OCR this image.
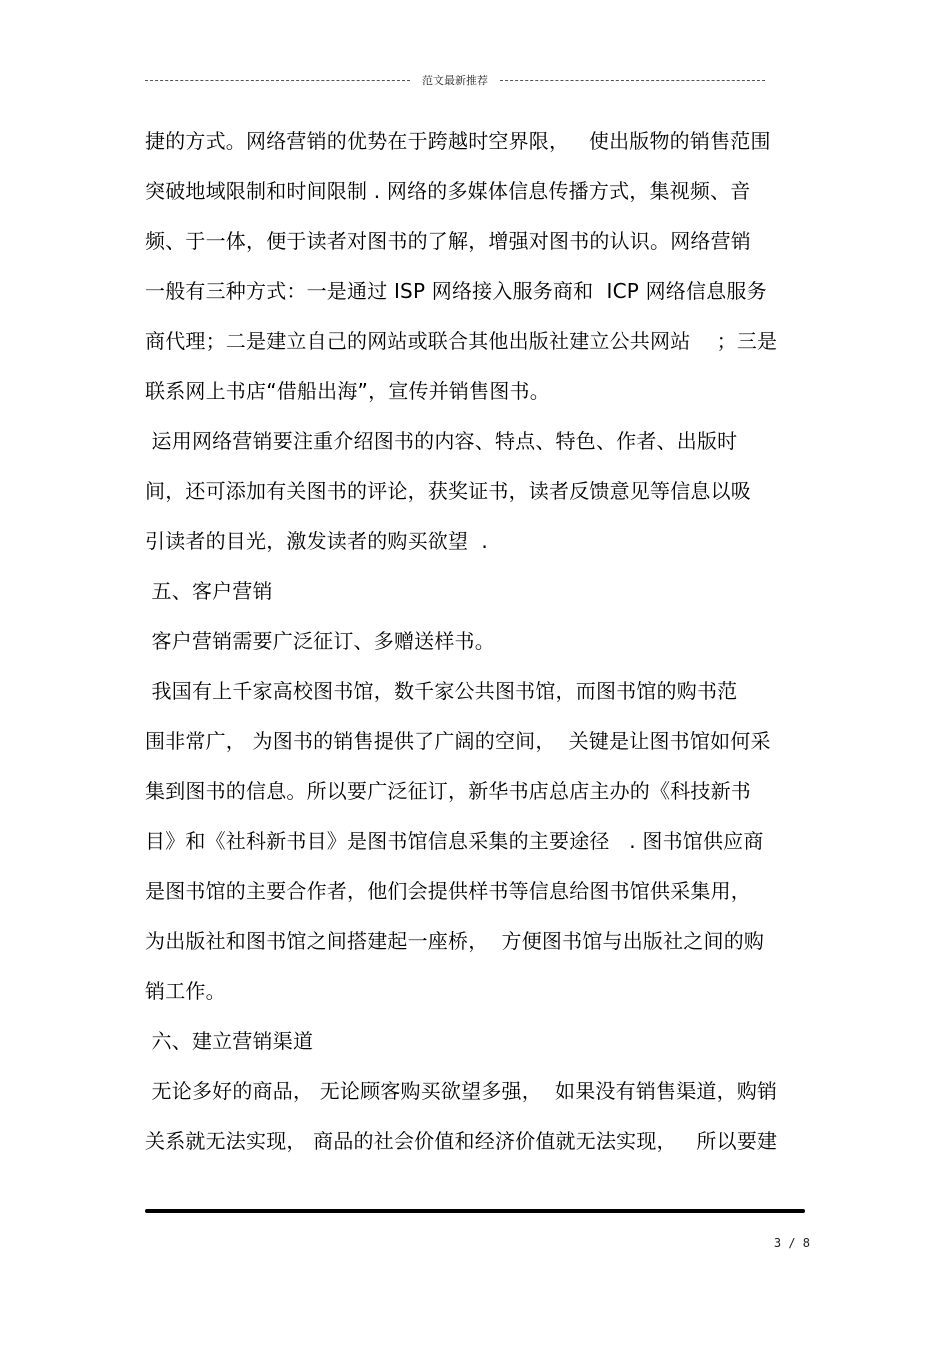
范文最新推荐
捷的方式。网络营销的优势在于跨越时空界限，   使出版物的销售范围
突破地域限制和时间限制 . 网络的多媒体信息传播方式，集视频、音
频、于一体，便于读者对图书的了解，增强对图书的认识。网络营销
一般有三种方式：一是通过 ISP 网络接入服务商和  ICP 网络信息服务
商代理；二是建立自己的网站或联合其他出版社建立公共网站    ；三是
联系网上书店“借船出海”，宣传并销售图书。
运用网络营销要注重介绍图书的内容、特点、特色、作者、出版时
间，还可添加有关图书的评论，获奖证书，读者反馈意见等信息以吸
引读者的目光，激发读者的购买欲望  .
五、客户营销
客户营销需要广泛征订、多赠送样书。
我国有上千家高校图书馆，数千家公共图书馆，而图书馆的购书范
围非常广， 为图书的销售提供了广阔的空间，  关键是让图书馆如何采
集到图书的信息。所以要广泛征订，新华书店总店主办的《科技新书
目》和《社科新书目》是图书馆信息采集的主要途径   . 图书馆供应商
是图书馆的主要合作者，他们会提供样书等信息给图书馆供采集用，
为出版社和图书馆之间搭建起一座桥，  方便图书馆与出版社之间的购
销工作。
六、建立营销渠道
无论多好的商品， 无论顾客购买欲望多强，  如果没有销售渠道，购销
关系就无法实现， 商品的社会价值和经济价值就无法实现，   所以要建
3 / 8
